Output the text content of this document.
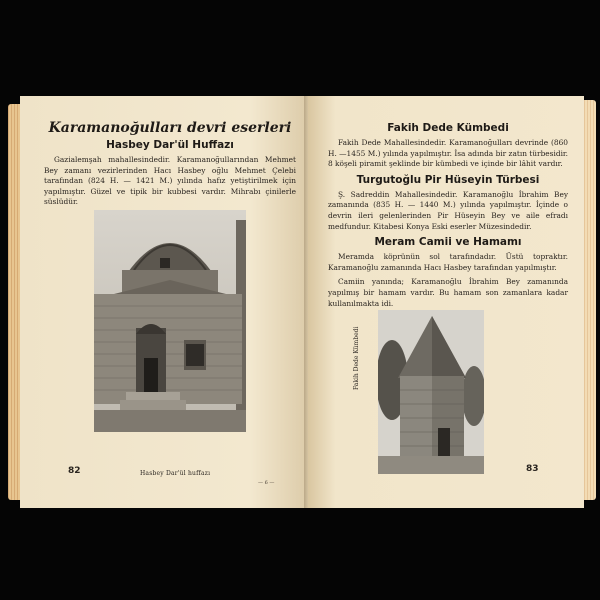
Karamanoğulları devri eserleri
Hasbey Dar'ül Huffazı

Gazialemşah mahallesindedir. Karamanoğullarından Mehmet Bey zamanı vezirlerinden Hacı Hasbey oğlu Mehmet Çelebi tarafından (824 H. — 1421 M.) yılında hafız yetiştirilmek için yapılmıştır. Güzel ve tipik bir kubbesi vardır. Mihrabı çinilerle süslüdür.

Fakih Dede Kümbedi

Fakih Dede Mahallesindedir. Karamanoğulları devrinde (860 H. —1455 M.) yılında yapılmıştır. İsa adında bir zatın türbesidir. 8 köşeli piramit şeklinde bir kümbedi ve içinde bir lâhit vardır.

Turgutoğlu Pir Hüseyin Türbesi

Ş. Sadreddin Mahallesindedir. Karamanoğlu İbrahim Bey zamanında (835 H. — 1440 M.) yılında yapılmıştır. İçinde o devrin ileri gelenlerinden Pir Hüseyin Bey ve aile efradı medfundur. Kitabesi Konya Eski eserler Müzesindedir.

Meram Camii ve Hamamı

Meramda köprünün sol tarafındadır. Üstü topraktır. Karamanoğlu zamanında Hacı Hasbey tarafından yapılmıştır.

Camiin yanında; Karamanoğlu İbrahim Bey zamanında yapılmış bir hamam vardır. Bu hamam son zamanlara kadar kullanılmakta idi.

Hasbey Dar'ül huffazı
Fakih Dede Kümbedi
82	83
— 6 —
